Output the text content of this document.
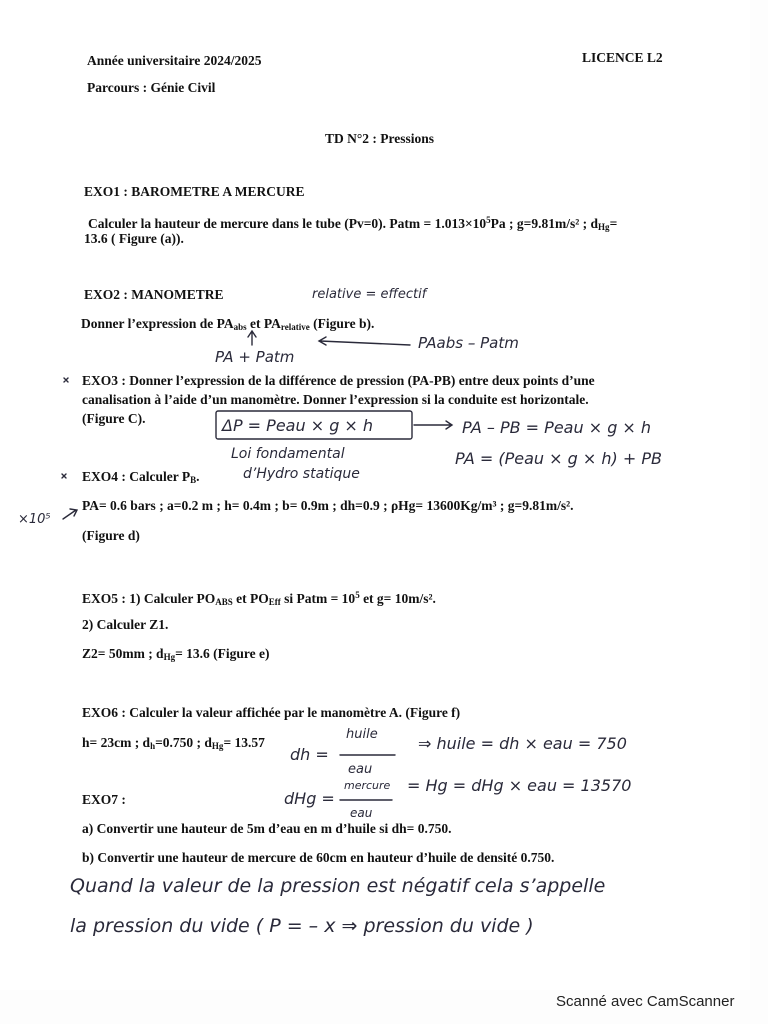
Année universitaire 2024/2025	LICENCE L2
Parcours : Génie Civil
TD N°2 : Pressions
EXO1 : BAROMETRE A MERCURE
Calculer la hauteur de mercure dans le tube (Pv=0). Patm = $1.013\times 10^5Pa$ ; g=9.81m/s² ; $d_{Hg}=$
13.6 ( Figure (a)).
EXO2 : MANOMETRE
Donner l’expression de $PA_{abs}$ et $PA_{relative}$ (Figure b).
EXO3 : Donner l’expression de la différence de pression (PA-PB) entre deux points d’une
canalisation à l’aide d’un manomètre. Donner l’expression si la conduite est horizontale.
(Figure C).
EXO4 : Calculer $P_B$.
PA= 0.6 bars ; a=0.2 m ; h= 0.4m ; b= 0.9m ; dh=0.9 ; ρHg= 13600Kg/m³ ; g=9.81m/s².
(Figure d)
EXO5 : 1) Calculer $PO_{ABS}$ et $PO_{Eff}$ si Patm = $10^5$ et g= 10m/s².
2) Calculer Z1.
Z2= 50mm ; $d_{Hg}= 13.6$ (Figure e)
EXO6 : Calculer la valeur affichée par le manomètre A. (Figure f)
h= 23cm ; $d_h=0.750$ ; $d_{Hg}= 13.57$
EXO7 :
a) Convertir une hauteur de 5m d’eau en m d’huile si dh= 0.750.
b) Convertir une hauteur de mercure de 60cm en hauteur d’huile de densité 0.750.
relative = effectif
PA + Patm
PAabs – Patm
ΔP = Peau × g × h	PA – PB = Peau × g × h
PA = (Peau × g × h) + PB
Loi fondamental
d’Hydro statique
×10⁵
dh =
huile
eau
⇒ huile = dh × eau = 750
dHg =
mercure
eau
= Hg = dHg × eau = 13570
Quand la valeur de la pression est négatif cela s’appelle
la pression du vide ( P = – x ⇒ pression du vide )
Scanné avec CamScanner
